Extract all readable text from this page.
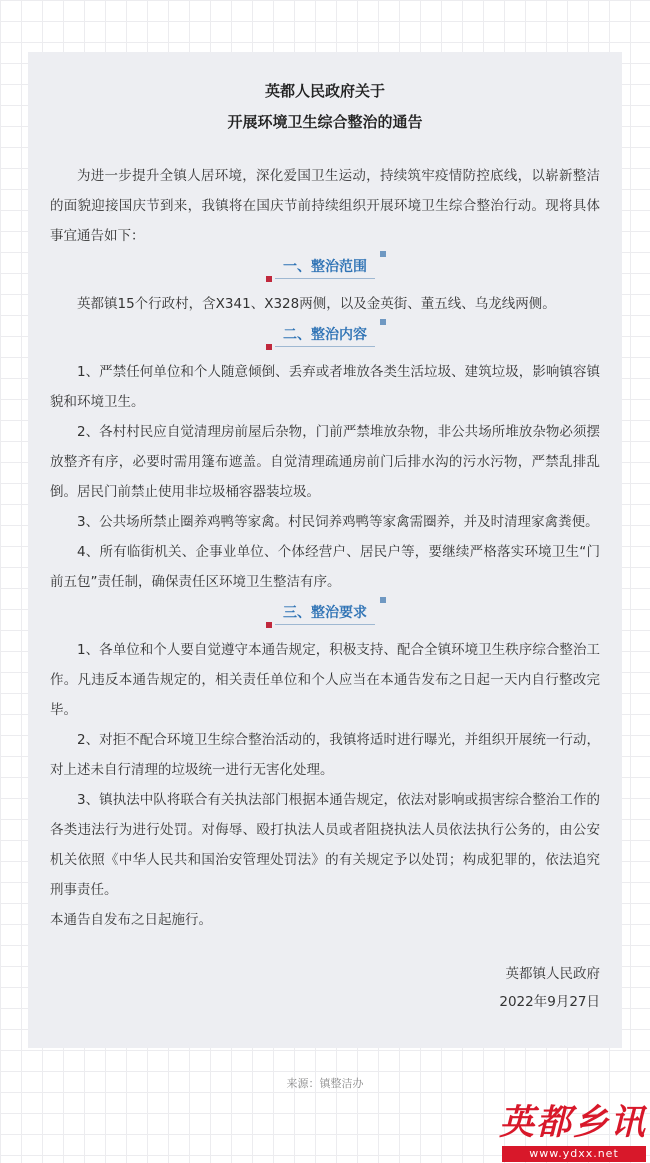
英都人民政府关于
开展环境卫生综合整治的通告

为进一步提升全镇人居环境，深化爱国卫生运动，持续筑牢疫情防控底线，以崭新整洁的面貌迎接国庆节到来，我镇将在国庆节前持续组织开展环境卫生综合整治行动。现将具体事宜通告如下：

一、整治范围

英都镇15个行政村，含X341、X328两侧，以及金英街、董五线、乌龙线两侧。

二、整治内容

1、严禁任何单位和个人随意倾倒、丢弃或者堆放各类生活垃圾、建筑垃圾，影响镇容镇貌和环境卫生。

2、各村村民应自觉清理房前屋后杂物，门前严禁堆放杂物，非公共场所堆放杂物必须摆放整齐有序，必要时需用篷布遮盖。自觉清理疏通房前门后排水沟的污水污物，严禁乱排乱倒。居民门前禁止使用非垃圾桶容器装垃圾。

3、公共场所禁止圈养鸡鸭等家禽。村民饲养鸡鸭等家禽需圈养，并及时清理家禽粪便。

4、所有临街机关、企事业单位、个体经营户、居民户等，要继续严格落实环境卫生“门前五包”责任制，确保责任区环境卫生整洁有序。

三、整治要求

1、各单位和个人要自觉遵守本通告规定，积极支持、配合全镇环境卫生秩序综合整治工作。凡违反本通告规定的，相关责任单位和个人应当在本通告发布之日起一天内自行整改完毕。

2、对拒不配合环境卫生综合整治活动的，我镇将适时进行曝光，并组织开展统一行动，对上述未自行清理的垃圾统一进行无害化处理。

3、镇执法中队将联合有关执法部门根据本通告规定，依法对影响或损害综合整治工作的各类违法行为进行处罚。对侮辱、殴打执法人员或者阻挠执法人员依法执行公务的，由公安机关依照《中华人民共和国治安管理处罚法》的有关规定予以处罚；构成犯罪的，依法追究刑事责任。

本通告自发布之日起施行。

英都镇人民政府
2022年9月27日
来源：镇整洁办
英都乡讯
www.ydxx.net
